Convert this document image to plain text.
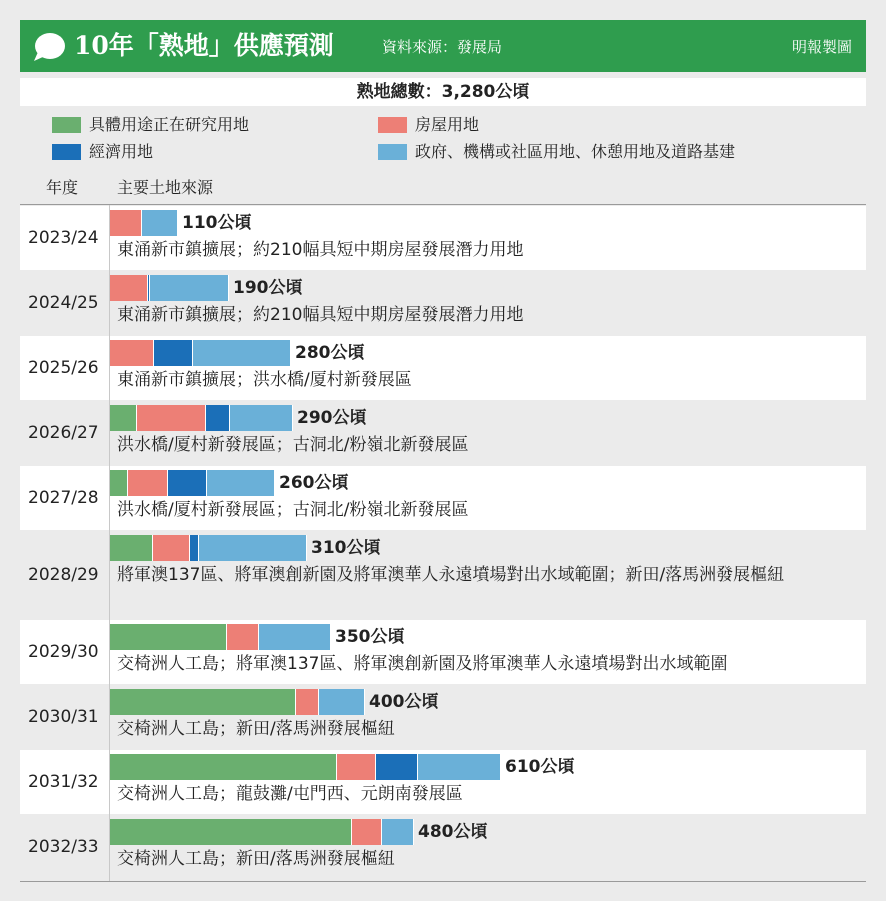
10年「熟地」供應預測	資料來源：發展局	明報製圖
熟地總數：3,280公頃
具體用途正在研究用地	房屋用地
經濟用地	政府、機構或社區用地、休憩用地及道路基建
年度 主要土地來源
2023/24
110公頃
東涌新市鎮擴展；約210幅具短中期房屋發展潛力用地
2024/25
190公頃
東涌新市鎮擴展；約210幅具短中期房屋發展潛力用地
2025/26
280公頃
東涌新市鎮擴展；洪水橋/厦村新發展區
2026/27
290公頃
洪水橋/厦村新發展區；古洞北/粉嶺北新發展區
2027/28
260公頃
洪水橋/厦村新發展區；古洞北/粉嶺北新發展區
2028/29
310公頃
將軍澳137區、將軍澳創新園及將軍澳華人永遠墳場對出水域範圍；新田/落馬洲發展樞紐
2029/30
350公頃
交椅洲人工島；將軍澳137區、將軍澳創新園及將軍澳華人永遠墳場對出水域範圍
2030/31
400公頃
交椅洲人工島；新田/落馬洲發展樞紐
2031/32
610公頃
交椅洲人工島；龍鼓灘/屯門西、元朗南發展區
2032/33
480公頃
交椅洲人工島；新田/落馬洲發展樞紐
